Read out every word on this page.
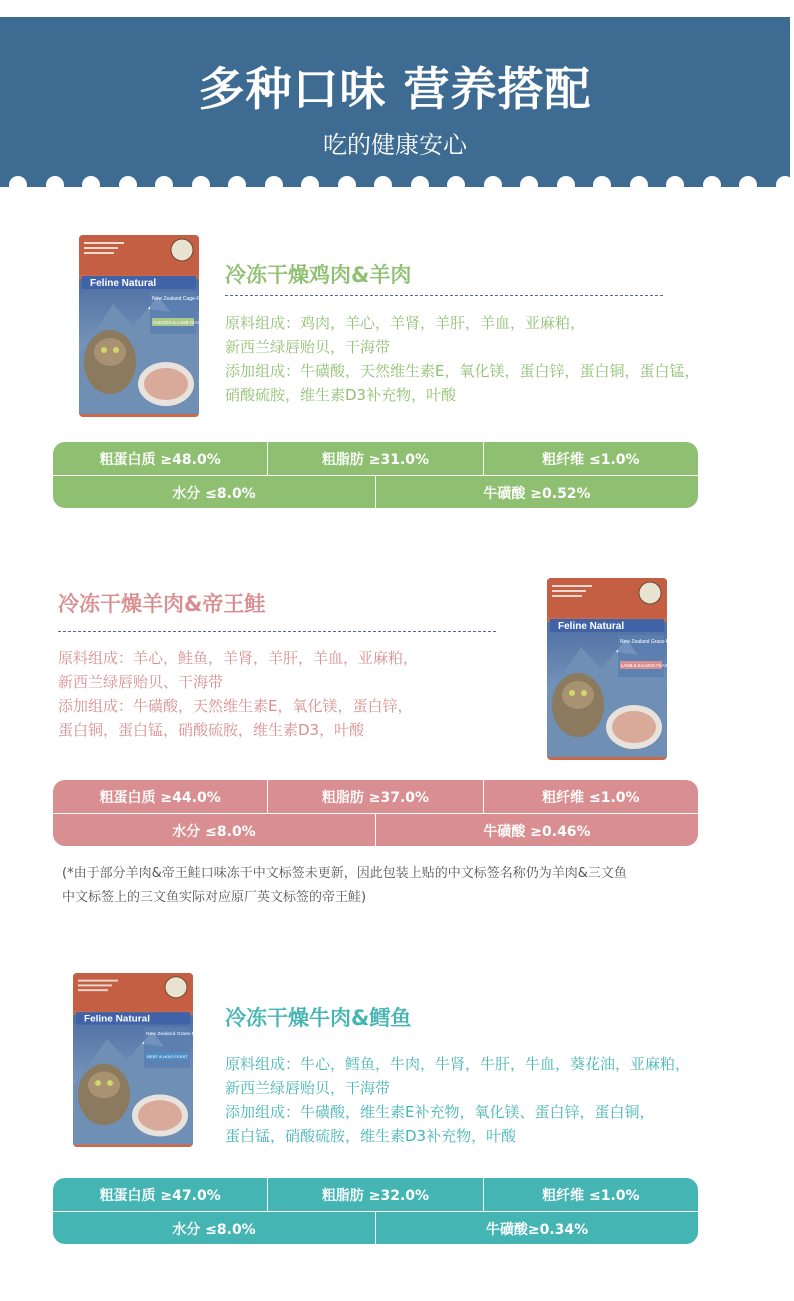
多种口味 营养搭配
吃的健康安心
Feline Natural
New Zealand Cage-Free
CHICKEN & LAMB FEAST
冷冻干燥鸡肉&羊肉
原料组成：鸡肉，羊心，羊肾，羊肝，羊血，亚麻粕，
新西兰绿唇贻贝，干海带
添加组成：牛磺酸，天然维生素E，氧化镁，蛋白锌，蛋白铜，蛋白锰，
硝酸硫胺，维生素D3补充物，叶酸
粗蛋白质 ≥48.0%	粗脂肪 ≥31.0%	粗纤维 ≤1.0%
水分 ≤8.0%	牛磺酸 ≥0.52%
冷冻干燥羊肉&帝王鲑
原料组成：羊心，鲑鱼，羊肾，羊肝，羊血，亚麻粕，
新西兰绿唇贻贝、干海带
添加组成：牛磺酸，天然维生素E，氧化镁，蛋白锌，
蛋白铜，蛋白锰，硝酸硫胺，维生素D3，叶酸
Feline Natural
New Zealand Grass-Fed
LAMB & SALMON FEAST
粗蛋白质 ≥44.0%	粗脂肪 ≥37.0%	粗纤维 ≤1.0%
水分 ≤8.0%	牛磺酸 ≥0.46%
(*由于部分羊肉&帝王鲑口味冻干中文标签未更新，因此包装上贴的中文标签名称仍为羊肉&三文鱼
中文标签上的三文鱼实际对应原厂英文标签的帝王鲑)
Feline Natural
New Zealand Grass-Fed
BEEF & HOKI FEAST
冷冻干燥牛肉&鳕鱼
原料组成：牛心，鳕鱼，牛肉，牛肾，牛肝，牛血，葵花油，亚麻粕，
新西兰绿唇贻贝，干海带
添加组成：牛磺酸，维生素E补充物，氧化镁、蛋白锌，蛋白铜，
蛋白锰，硝酸硫胺，维生素D3补充物，叶酸
粗蛋白质 ≥47.0%	粗脂肪 ≥32.0%	粗纤维 ≤1.0%
水分 ≤8.0%	牛磺酸≥0.34%
